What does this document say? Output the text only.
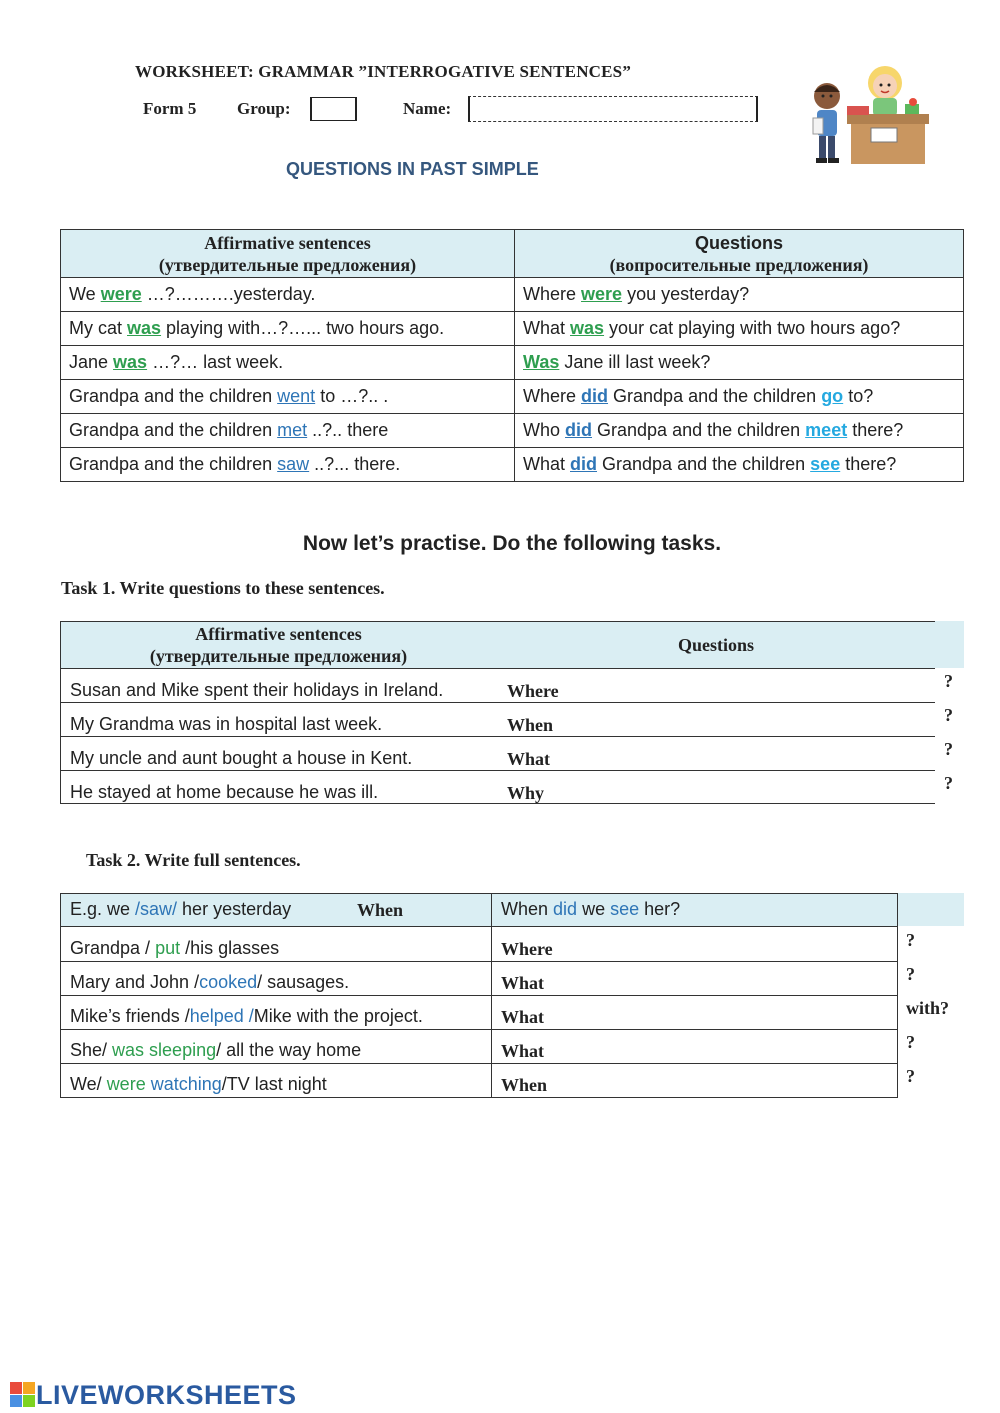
WORKSHEET: GRAMMAR ”INTERROGATIVE SENTENCES”
Form 5 Group:	Name:
QUESTIONS IN PAST SIMPLE
Affirmative sentences
(утвердительные предложения)	Questions
(вопросительные предложения)
We were …?……….yesterday.	Where were you yesterday?
My cat was playing with…?…... two hours ago.	What was your cat playing with two hours ago?
Jane was …?… last week.	Was Jane ill last week?
Grandpa and the children went to …?.. .	Where did Grandpa and the children go to?
Grandpa and the children met ..?.. there	Who did Grandpa and the children meet there?
Grandpa and the children saw ..?... there.	What did Grandpa and the children see there?
Now let’s practise. Do the following tasks.
Task 1. Write questions to these sentences.
Affirmative sentences
(утвердительные предложения)
Questions
Susan and Mike spent their holidays in Ireland.	Where	?
My Grandma was in hospital last week.	When	?
My uncle and aunt bought a house in Kent.	What	?
He stayed at home because he was ill.	Why	?
Task 2. Write full sentences.
E.g. we /saw/ her yesterday	When	When did we see her?
Grandpa / put /his glasses	Where	?
Mary and John /cooked/ sausages.	What	?
Mike’s friends /helped /Mike with the project.	What	with?
She/ was sleeping/ all the way home	What	?
We/ were watching/TV last night	When	?
LIVEWORKSHEETS
